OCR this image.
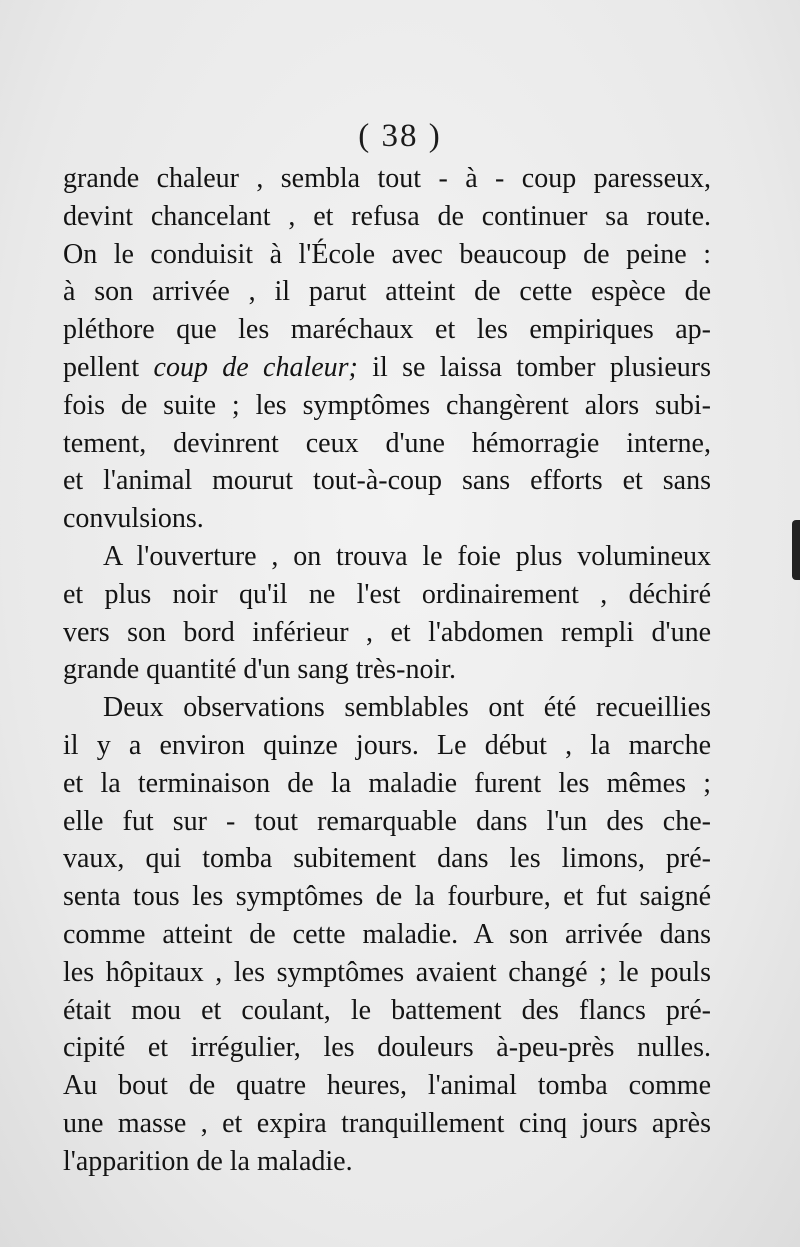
( 38 )
grande chaleur , sembla tout - à - coup paresseux,
devint chancelant , et refusa de continuer sa route.
On le conduisit à l'École avec beaucoup de peine :
à son arrivée , il parut atteint de cette espèce de
pléthore que les maréchaux et les empiriques ap-
pellent coup de chaleur; il se laissa tomber plusieurs
fois de suite ; les symptômes changèrent alors subi-
tement, devinrent ceux d'une hémorragie interne,
et l'animal mourut tout-à-coup sans efforts et sans
convulsions.
A l'ouverture , on trouva le foie plus volumineux
et plus noir qu'il ne l'est ordinairement , déchiré
vers son bord inférieur , et l'abdomen rempli d'une
grande quantité d'un sang très-noir.
Deux observations semblables ont été recueillies
il y a environ quinze jours. Le début , la marche
et la terminaison de la maladie furent les mêmes ;
elle fut sur - tout remarquable dans l'un des che-
vaux, qui tomba subitement dans les limons, pré-
senta tous les symptômes de la fourbure, et fut saigné
comme atteint de cette maladie. A son arrivée dans
les hôpitaux , les symptômes avaient changé ; le pouls
était mou et coulant, le battement des flancs pré-
cipité et irrégulier, les douleurs à-peu-près nulles.
Au bout de quatre heures, l'animal tomba comme
une masse , et expira tranquillement cinq jours après
l'apparition de la maladie.
